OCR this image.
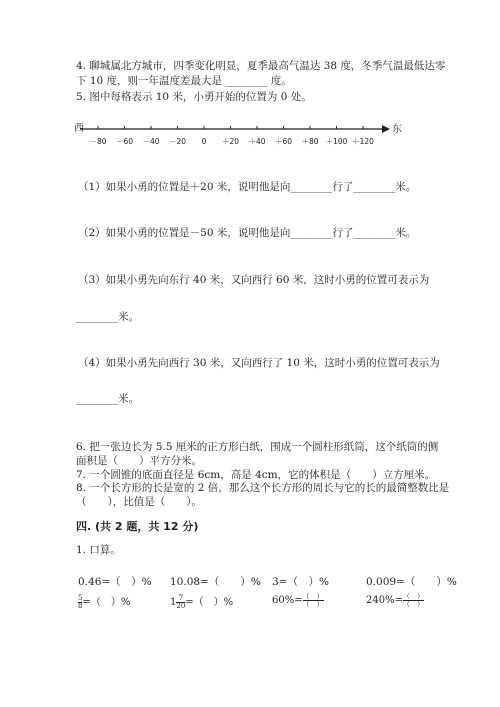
4. 聊城属北方城市，四季变化明显，夏季最高气温达 38 度，冬季气温最低达零
下 10 度，则一年温度差最大是 ________ 度。
5. 图中每格表示 10 米，小勇开始的位置为 0 处。
西	东
－80 －60 －40 －20 0 ＋20 ＋40 ＋60 ＋80 ＋100 ＋120
（1）如果小勇的位置是＋20 米，说明他是向________行了________米。
（2）如果小勇的位置是－50 米，说明他是向________行了________米。
（3）如果小勇先向东行 40 米，又向西行 60 米，这时小勇的位置可表示为
________米。
（4）如果小勇先向西行 30 米，又向西行了 10 米，这时小勇的位置可表示为
________米。
6. 把一张边长为 5.5 厘米的正方形白纸，围成一个圆柱形纸筒，这个纸筒的侧
面积是（　　）平方分米。
7. 一个圆锥的底面直径是 6cm，高是 4cm，它的体积是（　　）立方厘米。
8. 一个长方形的长是宽的 2 倍，那么这个长方形的周长与它的长的最简整数比是
（　　），比值是（　　）。
四. (共 2 题，共 12 分)
1. 口算。
0.46=（　）% 10.08=（　　）% 3=（　）%	0.009=（　　）%
$\frac{5}{8}$ =（　）%	$1\frac{7}{20}$ =（　）%	$60\%=\frac{( )}{( )}$	$240\%=\frac{( )}{( )}$
